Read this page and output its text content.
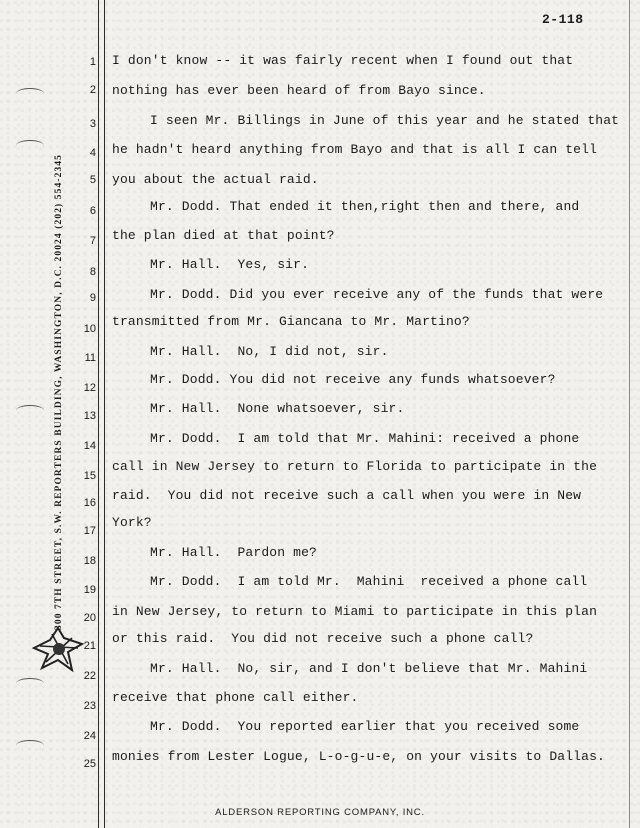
2-118
300 7TH STREET, S.W. REPORTERS BUILDING, WASHINGTON, D.C. 20024 (202) 554-2345
1
2
3
4
5
6
7
8
9
10
11
12
13
14
15
16
17
18
19
20
21
22
23
24
25
I don't know -- it was fairly recent when I found out that
nothing has ever been heard of from Bayo since.
I seen Mr. Billings in June of this year and he stated that
he hadn't heard anything from Bayo and that is all I can tell
you about the actual raid.
Mr. Dodd. That ended it then,right then and there, and
the plan died at that point?
Mr. Hall.  Yes, sir.
Mr. Dodd. Did you ever receive any of the funds that were
transmitted from Mr. Giancana to Mr. Martino?
Mr. Hall.  No, I did not, sir.
Mr. Dodd. You did not receive any funds whatsoever?
Mr. Hall.  None whatsoever, sir.
Mr. Dodd.  I am told that Mr. Mahini: received a phone
call in New Jersey to return to Florida to participate in the
raid.  You did not receive such a call when you were in New
York?
Mr. Hall.  Pardon me?
Mr. Dodd.  I am told Mr.  Mahini  received a phone call
in New Jersey, to return to Miami to participate in this plan
or this raid.  You did not receive such a phone call?
Mr. Hall.  No, sir, and I don't believe that Mr. Mahini
receive that phone call either.
Mr. Dodd.  You reported earlier that you received some
monies from Lester Logue, L-o-g-u-e, on your visits to Dallas.
ALDERSON REPORTING COMPANY, INC.
